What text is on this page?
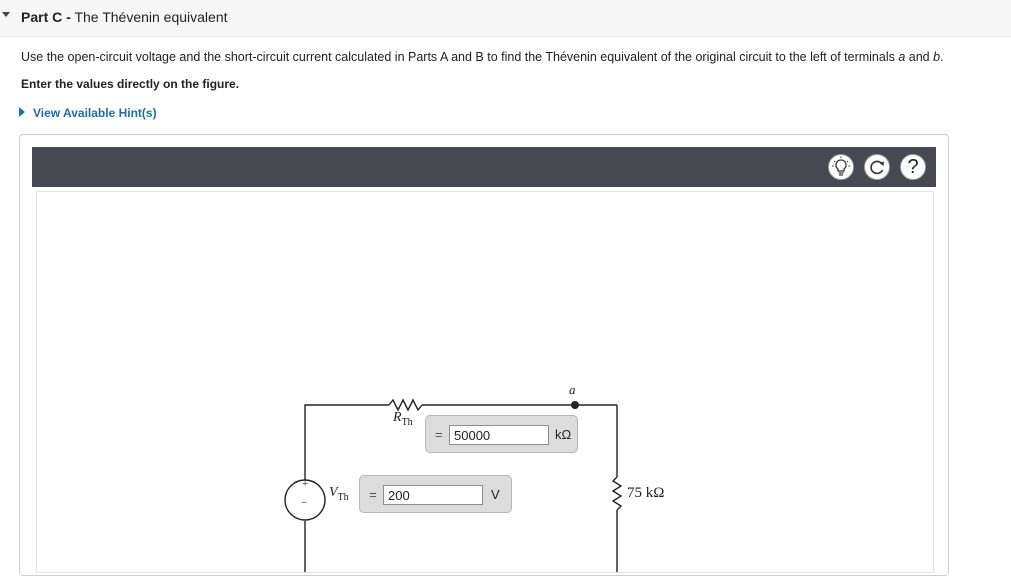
Part C - The Thévenin equivalent
Use the open-circuit voltage and the short-circuit current calculated in Parts A and B to find the Thévenin equivalent of the original circuit to the left of terminals a and b.
Enter the values directly on the figure.
View Available Hint(s)
?
a
+
−
$R_{Th}$
=
50000	kΩ
$V_{Th}$ =
200	V	75 kΩ
